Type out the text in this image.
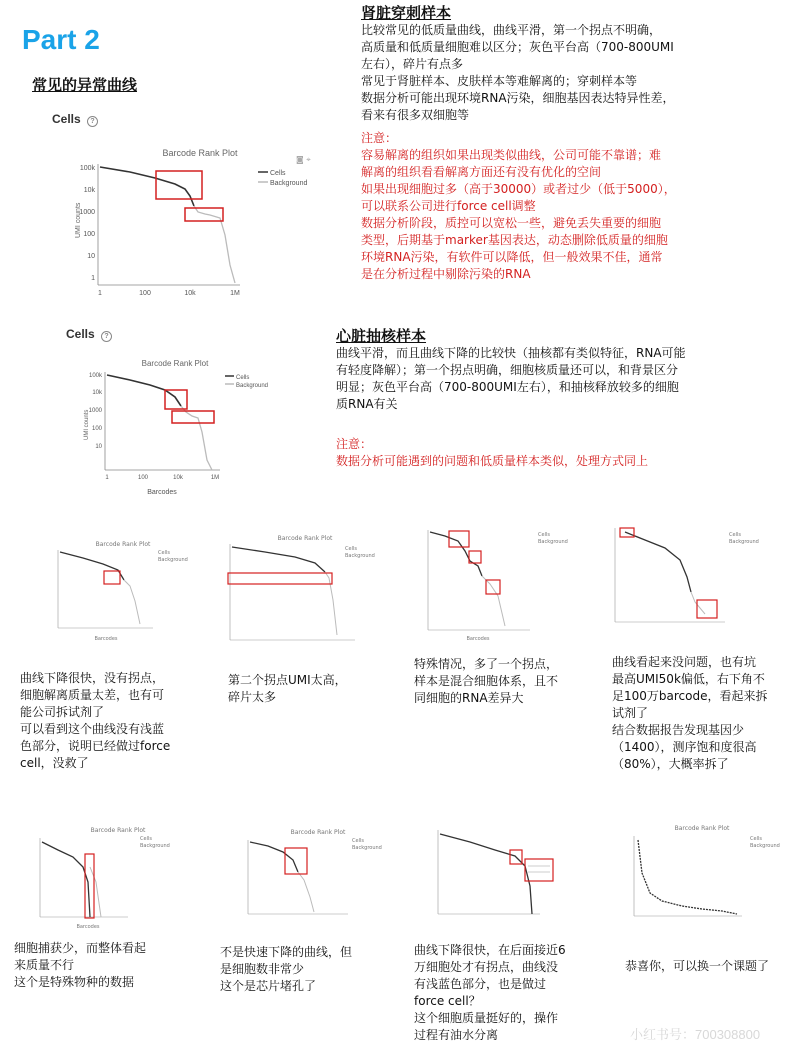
Part 2
常见的异常曲线
Cells ?
Barcode Rank Plot
◙ ⌖
100k
10k
1000
100
10
1
1	100	10k	1M
UMI counts
Cells
Background
肾脏穿刺样本
比较常见的低质量曲线，曲线平滑，第一个拐点不明确，
高质量和低质量细胞难以区分；灰色平台高（700-800UMI
左右），碎片有点多
常见于肾脏样本、皮肤样本等难解离的；穿刺样本等
数据分析可能出现环境RNA污染，细胞基因表达特异性差，
看来有很多双细胞等
注意：
容易解离的组织如果出现类似曲线，公司可能不靠谱；难
解离的组织看看解离方面还有没有优化的空间
如果出现细胞过多（高于30000）或者过少（低于5000），
可以联系公司进行force cell调整
数据分析阶段，质控可以宽松一些，避免丢失重要的细胞
类型，后期基于marker基因表达，动态删除低质量的细胞
环境RNA污染，有软件可以降低，但一般效果不佳，通常
是在分析过程中剔除污染的RNA
Cells ?
Barcode Rank Plot
100k
10k
1000
100
10
1	100	10k	1M
Barcodes
UMI counts
Cells
Background
心脏抽核样本
曲线平滑，而且曲线下降的比较快（抽核都有类似特征，RNA可能
有轻度降解）；第一个拐点明确，细胞核质量还可以，和背景区分
明显；灰色平台高（700-800UMI左右），和抽核释放较多的细胞
质RNA有关
注意：
数据分析可能遇到的问题和低质量样本类似，处理方式同上
Barcode Rank Plot
Cells
Background
Barcodes
Barcode Rank Plot
Cells
Background
Cells
Background
Barcodes
Cells
Background
曲线下降很快，没有拐点，
细胞解离质量太差，也有可
能公司拆试剂了
可以看到这个曲线没有浅蓝
色部分，说明已经做过force
cell，没救了
第二个拐点UMI太高，
碎片太多
特殊情况，多了一个拐点，
样本是混合细胞体系，且不
同细胞的RNA差异大
曲线看起来没问题，也有坑
最高UMI50k偏低，右下角不
足100万barcode，看起来拆
试剂了
结合数据报告发现基因少
（1400），测序饱和度很高
（80%），大概率拆了
Barcode Rank Plot
Cells
Background
Barcodes
Barcode Rank Plot
Cells
Background
Barcode Rank Plot
Cells
Background
细胞捕获少，而整体看起
来质量不行
这个是特殊物种的数据
不是快速下降的曲线，但
是细胞数非常少
这个是芯片堵孔了
曲线下降很快，在后面接近6
万细胞处才有拐点，曲线没
有浅蓝色部分，也是做过
force cell？
这个细胞质量挺好的，操作
过程有油水分离
恭喜你，可以换一个课题了
小红书号：700308800
